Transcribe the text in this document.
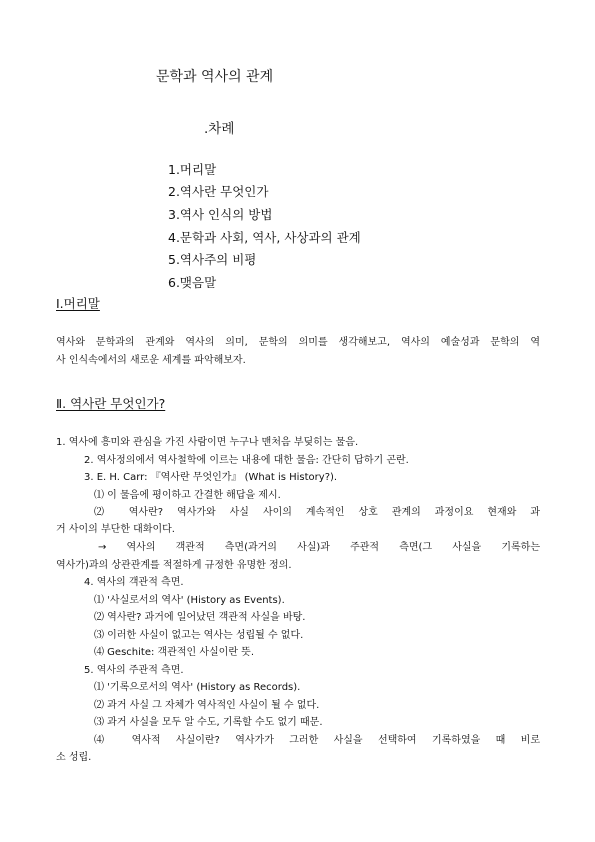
문학과 역사의 관계
.차례
1.머리말
2.역사란 무엇인가
3.역사 인식의 방법
4.문학과 사회, 역사, 사상과의 관계
5.역사주의 비평
6.맺음말
Ⅰ.머리말
역사와 문학과의 관계와 역사의 의미, 문학의 의미를 생각해보고, 역사의 예술성과 문학의 역
사 인식속에서의 새로운 세계를 파악해보자.
Ⅱ. 역사란 무엇인가?
1. 역사에 흥미와 관심을 가진 사람이면 누구나 맨처음 부딪히는 물음.
2. 역사정의에서 역사철학에 이르는 내용에 대한 물음: 간단히 답하기 곤란.
3. E. H. Carr: 『역사란 무엇인가』 (What is History?).
⑴ 이 물음에 평이하고 간결한 해답을 제시.
⑵ 역사란? 역사가와 사실 사이의 계속적인 상호 관계의 과정이요 현재와 과
거 사이의 부단한 대화이다.
→ 역사의 객관적 측면(과거의 사실)과 주관적 측면(그 사실을 기록하는
역사가)과의 상관관계를 적절하게 규정한 유명한 정의.
4. 역사의 객관적 측면.
⑴ '사실로서의 역사' (History as Events).
⑵ 역사란? 과거에 일어났던 객관적 사실을 바탕.
⑶ 이러한 사실이 없고는 역사는 성립될 수 없다.
⑷ Geschite: 객관적인 사실이란 뜻.
5. 역사의 주관적 측면.
⑴ '기록으로서의 역사' (History as Records).
⑵ 과거 사실 그 자체가 역사적인 사실이 될 수 없다.
⑶ 과거 사실을 모두 알 수도, 기록할 수도 없기 때문.
⑷ 역사적 사실이란? 역사가가 그러한 사실을 선택하여 기록하였을 때 비로
소 성립.
